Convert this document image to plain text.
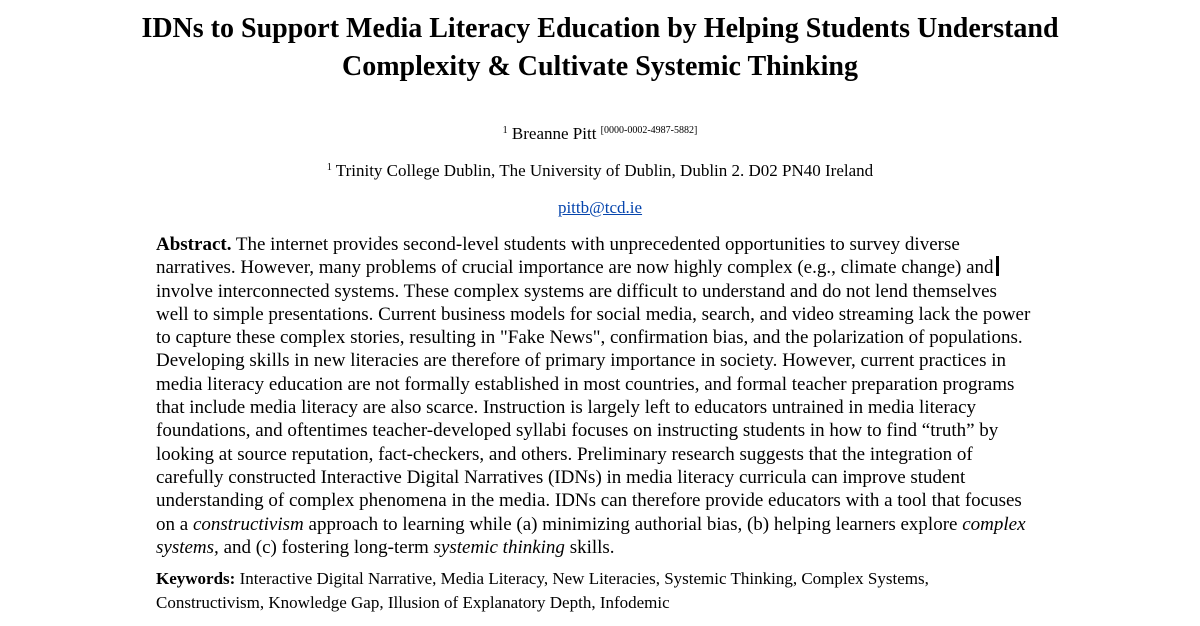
IDNs to Support Media Literacy Education by Helping Students Understand
Complexity & Cultivate Systemic Thinking
$^1$ Breanne Pitt [0000-0002-4987-5882]
$^1$ Trinity College Dublin, The University of Dublin, Dublin 2. D02 PN40 Ireland
pittb@tcd.ie
Abstract. The internet provides second-level students with unprecedented opportunities to survey diverse
narratives. However, many problems of crucial importance are now highly complex (e.g., climate change) and
involve interconnected systems. These complex systems are difficult to understand and do not lend themselves
well to simple presentations. Current business models for social media, search, and video streaming lack the power
to capture these complex stories, resulting in "Fake News", confirmation bias, and the polarization of populations.
Developing skills in new literacies are therefore of primary importance in society. However, current practices in
media literacy education are not formally established in most countries, and formal teacher preparation programs
that include media literacy are also scarce. Instruction is largely left to educators untrained in media literacy
foundations, and oftentimes teacher-developed syllabi focuses on instructing students in how to find “truth” by
looking at source reputation, fact-checkers, and others. Preliminary research suggests that the integration of
carefully constructed Interactive Digital Narratives (IDNs) in media literacy curricula can improve student
understanding of complex phenomena in the media. IDNs can therefore provide educators with a tool that focuses
on a constructivism approach to learning while (a) minimizing authorial bias, (b) helping learners explore complex
systems, and (c) fostering long-term systemic thinking skills.
Keywords: Interactive Digital Narrative, Media Literacy, New Literacies, Systemic Thinking, Complex Systems,
Constructivism, Knowledge Gap, Illusion of Explanatory Depth, Infodemic
